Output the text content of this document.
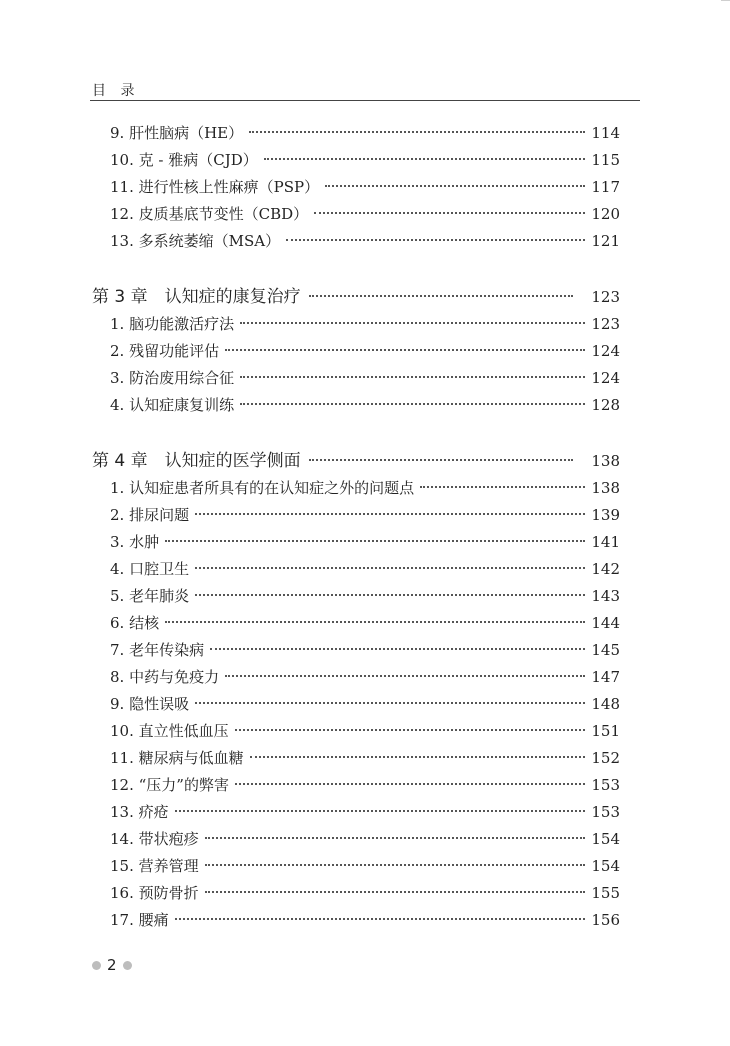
目 录
9. 肝性脑病（HE）	114
10. 克 - 雅病（CJD）	115
11. 进行性核上性麻痹（PSP）	117
12. 皮质基底节变性（CBD）	120
13. 多系统萎缩（MSA）	121
第 3 章　认知症的康复治疗	123
1. 脑功能激活疗法	123
2. 残留功能评估	124
3. 防治废用综合征	124
4. 认知症康复训练	128
第 4 章　认知症的医学侧面	138
1. 认知症患者所具有的在认知症之外的问题点	138
2. 排尿问题	139
3. 水肿	141
4. 口腔卫生	142
5. 老年肺炎	143
6. 结核	144
7. 老年传染病	145
8. 中药与免疫力	147
9. 隐性误吸	148
10. 直立性低血压	151
11. 糖尿病与低血糖	152
12. “压力”的弊害	153
13. 疥疮	153
14. 带状疱疹	154
15. 营养管理	154
16. 预防骨折	155
17. 腰痛	156
2
